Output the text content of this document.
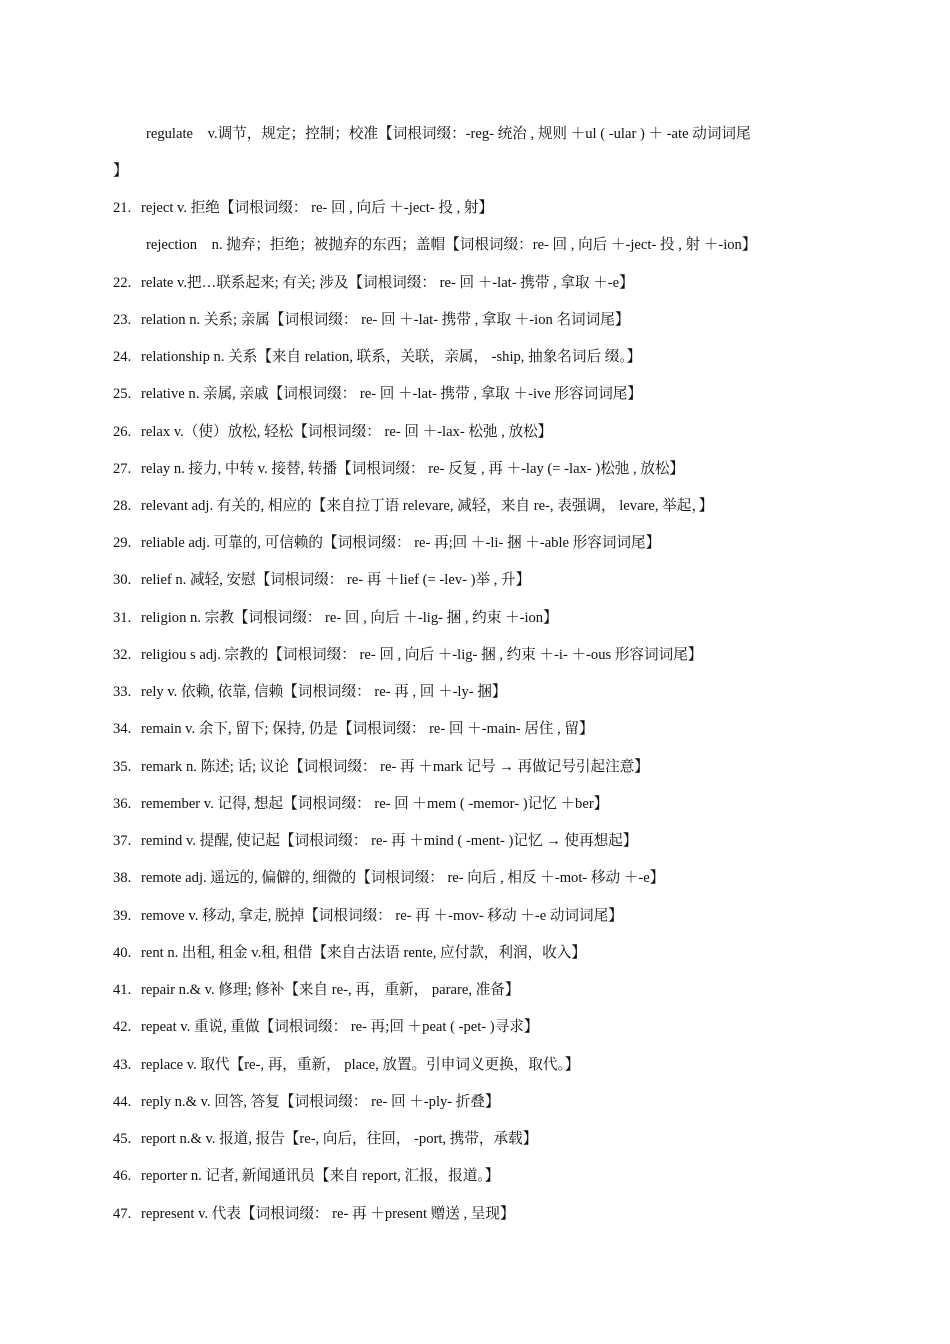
regulate　v.调节，规定；控制；校准【词根词缀：-reg- 统治 , 规则 ＋ul ( -ular ) ＋ -ate 动词词尾
】
21. reject v. 拒绝【词根词缀： re- 回 , 向后 ＋-ject- 投 , 射】
rejection　n. 抛弃；拒绝；被抛弃的东西；盖帽【词根词缀：re- 回 , 向后 ＋-ject- 投 , 射 ＋-ion】
22. relate v.把…联系起来; 有关; 涉及【词根词缀： re- 回 ＋-lat- 携带 , 拿取 ＋-e】
23. relation n. 关系; 亲属【词根词缀： re- 回 ＋-lat- 携带 , 拿取 ＋-ion 名词词尾】
24. relationship n. 关系【来自 relation, 联系，关联，亲属， -ship, 抽象名词后 缀。】
25. relative n. 亲属, 亲戚【词根词缀： re- 回 ＋-lat- 携带 , 拿取 ＋-ive 形容词词尾】
26. relax v.（使）放松, 轻松【词根词缀： re- 回 ＋-lax- 松弛 , 放松】
27. relay n. 接力, 中转 v. 接替, 转播【词根词缀： re- 反复 , 再 ＋-lay (= -lax- )松弛 , 放松】
28. relevant adj. 有关的, 相应的【来自拉丁语 relevare, 减轻，来自 re-, 表强调， levare, 举起，】
29. reliable adj. 可靠的, 可信赖的【词根词缀： re- 再;回 ＋-li- 捆 ＋-able 形容词词尾】
30. relief n. 减轻, 安慰【词根词缀： re- 再 ＋lief (= -lev- )举 , 升】
31. religion n. 宗教【词根词缀： re- 回 , 向后 ＋-lig- 捆 , 约束 ＋-ion】
32. religiou s adj. 宗教的【词根词缀： re- 回 , 向后 ＋-lig- 捆 , 约束 ＋-i- ＋-ous 形容词词尾】
33. rely v. 依赖, 依靠, 信赖【词根词缀： re- 再 , 回 ＋-ly- 捆】
34. remain v. 余下, 留下; 保持, 仍是【词根词缀： re- 回 ＋-main- 居住 , 留】
35. remark n. 陈述; 话; 议论【词根词缀： re- 再 ＋mark 记号 → 再做记号引起注意】
36. remember v. 记得, 想起【词根词缀： re- 回 ＋mem ( -memor- )记忆 ＋ber】
37. remind v. 提醒, 使记起【词根词缀： re- 再 ＋mind ( -ment- )记忆 → 使再想起】
38. remote adj. 遥远的, 偏僻的, 细微的【词根词缀： re- 向后 , 相反 ＋-mot- 移动 ＋-e】
39. remove v. 移动, 拿走, 脱掉【词根词缀： re- 再 ＋-mov- 移动 ＋-e 动词词尾】
40. rent n. 出租, 租金 v.租, 租借【来自古法语 rente, 应付款，利润，收入】
41. repair n.& v. 修理; 修补【来自 re-, 再，重新， parare, 准备】
42. repeat v. 重说, 重做【词根词缀： re- 再;回 ＋peat ( -pet- )寻求】
43. replace v. 取代【re-, 再，重新， place, 放置。引申词义更换，取代。】
44. reply n.& v. 回答, 答复【词根词缀： re- 回 ＋-ply- 折叠】
45. report n.& v. 报道, 报告【re-, 向后，往回， -port, 携带，承载】
46. reporter n. 记者, 新闻通讯员【来自 report, 汇报，报道。】
47. represent v. 代表【词根词缀： re- 再 ＋present 赠送 , 呈现】
